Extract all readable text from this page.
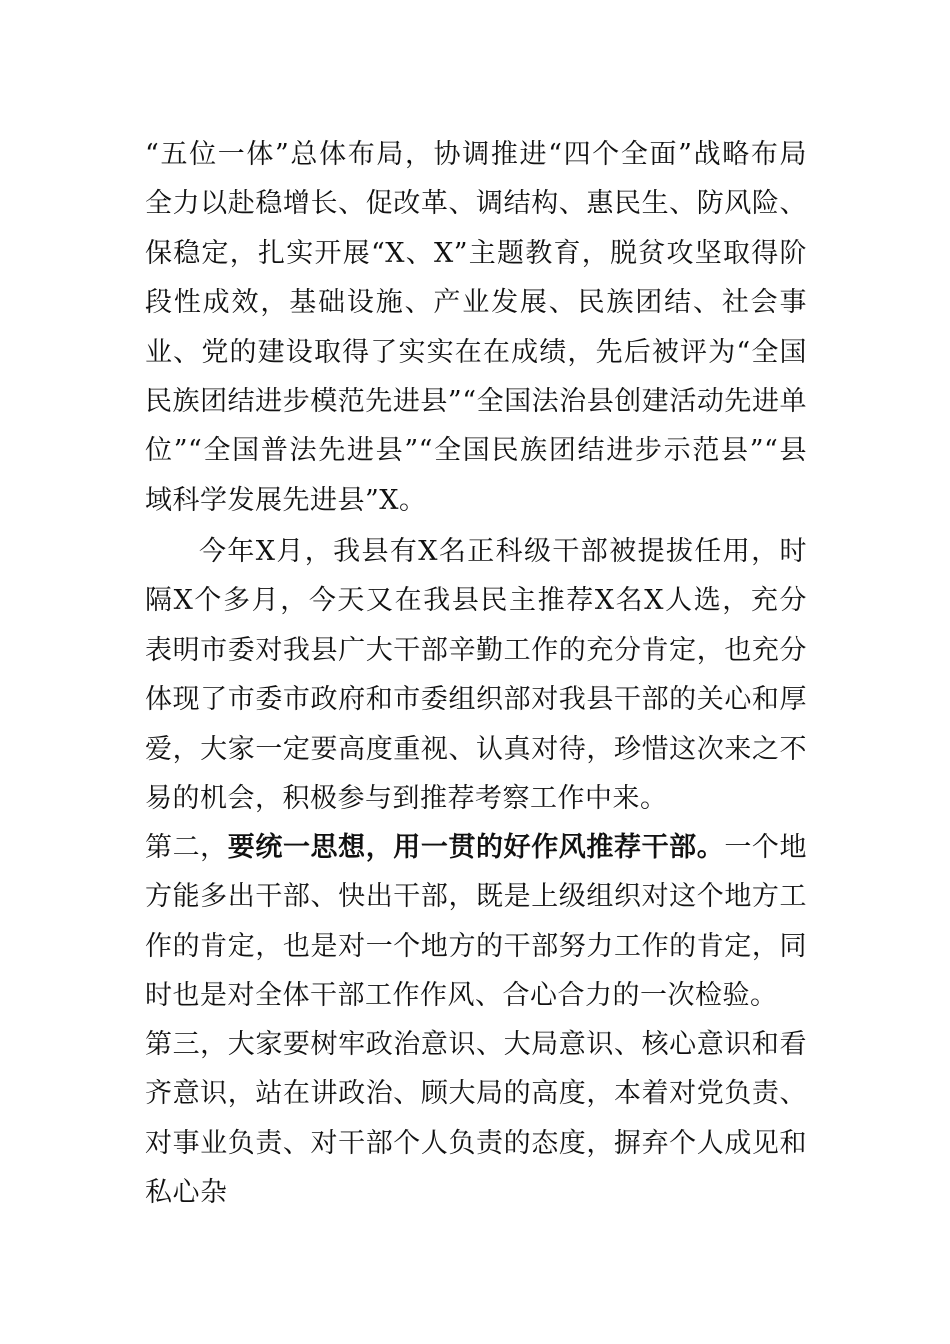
“五位一体”总体布局，协调推进“四个全面”战略布局全力以赴稳增长、促改革、调结构、惠民生、防风险、保稳定，扎实开展“X、X”主题教育，脱贫攻坚取得阶段性成效，基础设施、产业发展、民族团结、社会事业、党的建设取得了实实在在成绩，先后被评为“全国民族团结进步模范先进县”“全国法治县创建活动先进单位”“全国普法先进县”“全国民族团结进步示范县”“县域科学发展先进县”X。

今年X月，我县有X名正科级干部被提拔任用，时隔X个多月，今天又在我县民主推荐X名X人选，充分表明市委对我县广大干部辛勤工作的充分肯定，也充分体现了市委市政府和市委组织部对我县干部的关心和厚爱，大家一定要高度重视、认真对待，珍惜这次来之不易的机会，积极参与到推荐考察工作中来。

第二，要统一思想，用一贯的好作风推荐干部。一个地方能多出干部、快出干部，既是上级组织对这个地方工作的肯定，也是对一个地方的干部努力工作的肯定，同时也是对全体干部工作作风、合心合力的一次检验。

第三，大家要树牢政治意识、大局意识、核心意识和看齐意识，站在讲政治、顾大局的高度，本着对党负责、对事业负责、对干部个人负责的态度，摒弃个人成见和私心杂
